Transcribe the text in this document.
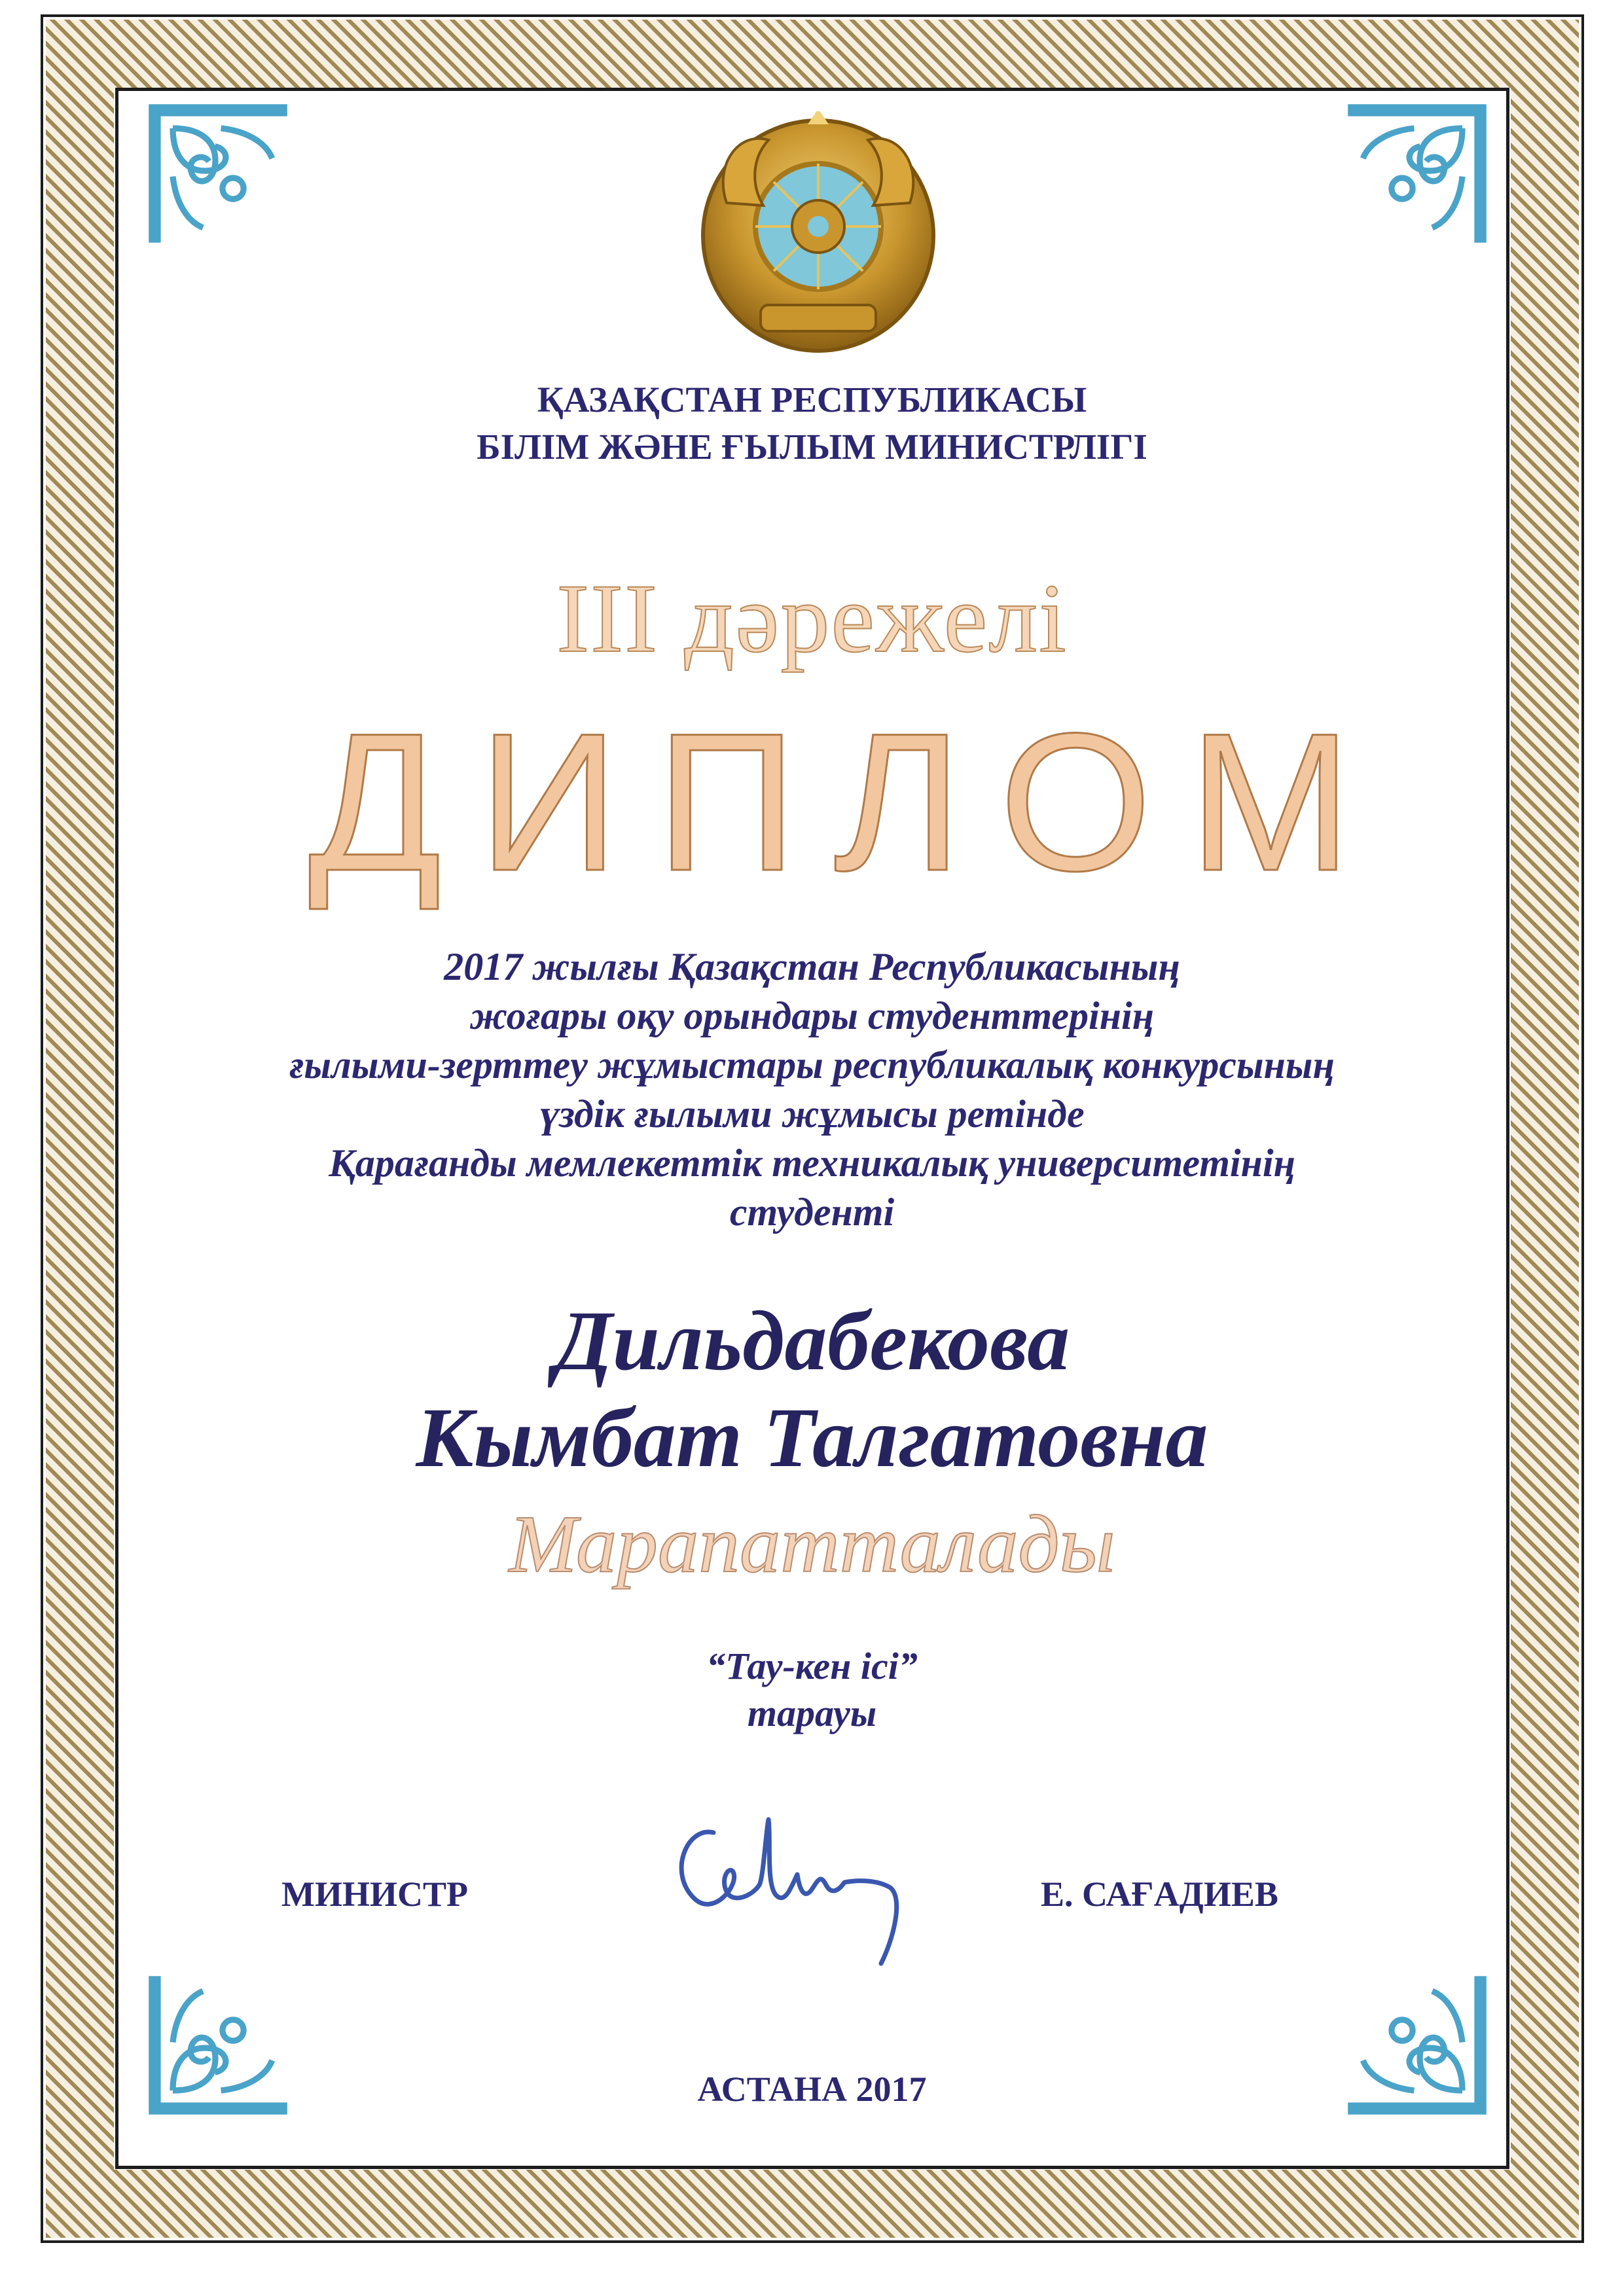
ҚАЗАҚСТАН РЕСПУБЛИКАСЫ
БІЛІМ ЖӘНЕ ҒЫЛЫМ МИНИСТРЛІГІ
III дәрежелі
ДИПЛОМ
2017 жылғы Қазақстан Республикасының
жоғары оқу орындары студенттерінің
ғылыми-зерттеу жұмыстары республикалық конкурсының
үздік ғылыми жұмысы ретінде
Қарағанды мемлекеттік техникалық университетінің
студенті
Дильдабекова
Кымбат Талгатовна
Марапатталады
“Тау-кен ісі”
тарауы
МИНИСТР	Е. САҒАДИЕВ
АСТАНА 2017
